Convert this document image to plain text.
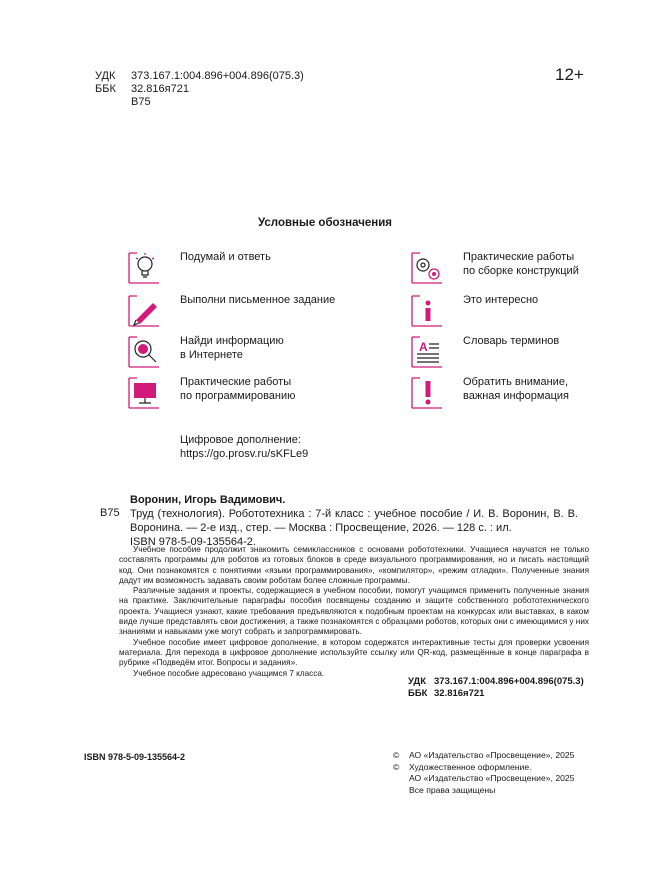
УДК 373.167.1:004.896+004.896(075.3)
ББК 32.816я721
В75
12+
Условные обозначения
Подумай и ответь
Выполни письменное задание
Найди информацию
в Интернете
Практические работы
по программированию
Практические работы
по сборке конструкций
Это интересно
A	Словарь терминов
Обратить внимание,
важная информация
Цифровое дополнение:
https://go.prosv.ru/sKFLe9
Воронин, Игорь Вадимович.
В75 Труд (технология). Робототехника : 7-й класс : учебное пособие / И. В. Воронин, В. В. Воронина. — 2-е изд., стер. — Москва : Просвещение, 2026. — 128 с. : ил.
ISBN 978-5-09-135564-2.

Учебное пособие продолжит знакомить семиклассников с основами робототехники. Учащиеся научатся не только составлять программы для роботов из готовых блоков в среде визуального программирования, но и писать настоящий код. Они познакомятся с понятиями «языки программирования», «компилятор», «режим отладки». Полученные знания дадут им возможность задавать своим роботам более сложные программы.

Различные задания и проекты, содержащиеся в учебном пособии, помогут учащимся применить полученные знания на практике. Заключительные параграфы пособия посвящены созданию и защите собственного робототехнического проекта. Учащиеся узнают, какие требования предъявляются к подобным проектам на конкурсах или выставках, в каком виде лучше представлять свои достижения, а также познакомятся с образцами роботов, которых они с имеющимися у них знаниями и навыками уже могут собрать и запрограммировать.

Учебное пособие имеет цифровое дополнение, в котором содержатся интерактивные тесты для проверки усвоения материала. Для перехода в цифровое дополнение используйте ссылку или QR-код, размещённые в конце параграфа в рубрике «Подведём итог. Вопросы и задания».

Учебное пособие адресовано учащимся 7 класса.

УДК 373.167.1:004.896+004.896(075.3)
ББК 32.816я721
ISBN 978-5-09-135564-2	© АО «Издательство «Просвещение», 2025
© Художественное оформление.
АО «Издательство «Просвещение», 2025
Все права защищены
